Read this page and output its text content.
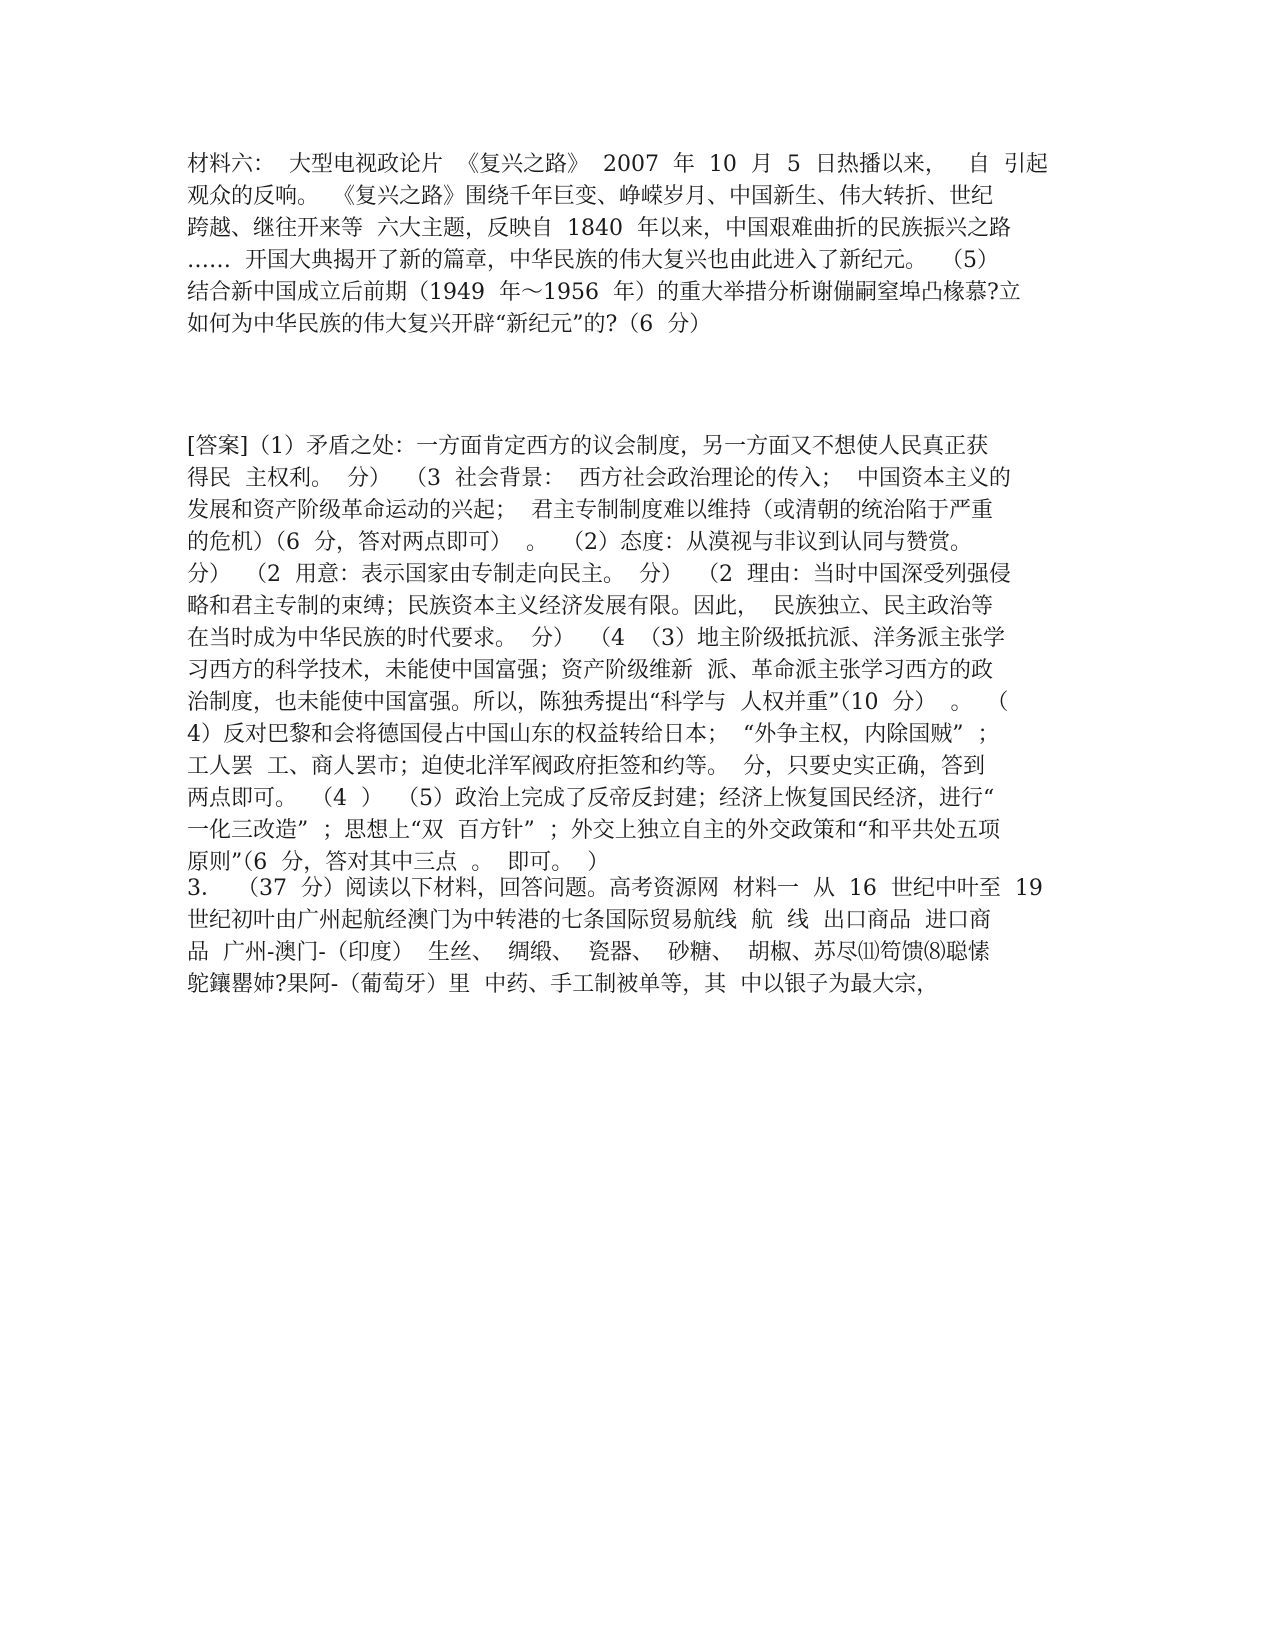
材料六：  大型电视政论片  《复兴之路》  2007  年  10  月  5  日热播以来，   自  引起
观众的反响。  《复兴之路》围绕千年巨变、峥嵘岁月、中国新生、伟大转折、世纪
跨越、继往开来等  六大主题，反映自  1840  年以来，中国艰难曲折的民族振兴之路
……  开国大典揭开了新的篇章，中华民族的伟大复兴也由此进入了新纪元。  （5）
结合新中国成立后前期（1949  年～1956  年）的重大举措分析谢傰嗣窒埠凸椽慕?立
如何为中华民族的伟大复兴开辟“新纪元”的?（6  分）
[答案]（1）矛盾之处：一方面肯定西方的议会制度，另一方面又不想使人民真正获
得民  主权利。  分）  （3  社会背景：  西方社会政治理论的传入；  中国资本主义的
发展和资产阶级革命运动的兴起；  君主专制制度难以维持（或清朝的统治陷于严重
的危机）（6  分，答对两点即可）  。  （2）态度：从漠视与非议到认同与赞赏。
分）  （2  用意：表示国家由专制走向民主。  分）  （2  理由：当时中国深受列强侵
略和君主专制的束缚；民族资本主义经济发展有限。因此，  民族独立、民主政治等
在当时成为中华民族的时代要求。  分）  （4  （3）地主阶级抵抗派、洋务派主张学
习西方的科学技术，未能使中国富强；资产阶级维新  派、革命派主张学习西方的政
治制度，也未能使中国富强。所以，陈独秀提出“科学与  人权并重”（10  分）  。  （
4）反对巴黎和会将德国侵占中国山东的权益转给日本；  “外争主权，内除国贼”  ；
工人罢  工、商人罢市；迫使北洋军阀政府拒签和约等。  分，只要史实正确，答到
两点即可。  （4  ）  （5）政治上完成了反帝反封建；经济上恢复国民经济，进行“
一化三改造”  ；思想上“双  百方针”  ；外交上独立自主的外交政策和“和平共处五项
原则”（6  分，答对其中三点  。  即可。  ）
3．  （37  分）阅读以下材料，回答问题。高考资源网  材料一  从  16  世纪中叶至  19
世纪初叶由广州起航经澳门为中转港的七条国际贸易航线  航  线  出口商品  进口商
品  广州-澳门-（印度）  生丝、  绸缎、  瓷器、  砂糖、  胡椒、苏尽⑾笱馈⑻聪愫
鸵鑲罌姉?果阿-（葡萄牙）里  中药、手工制被单等，其  中以银子为最大宗，
